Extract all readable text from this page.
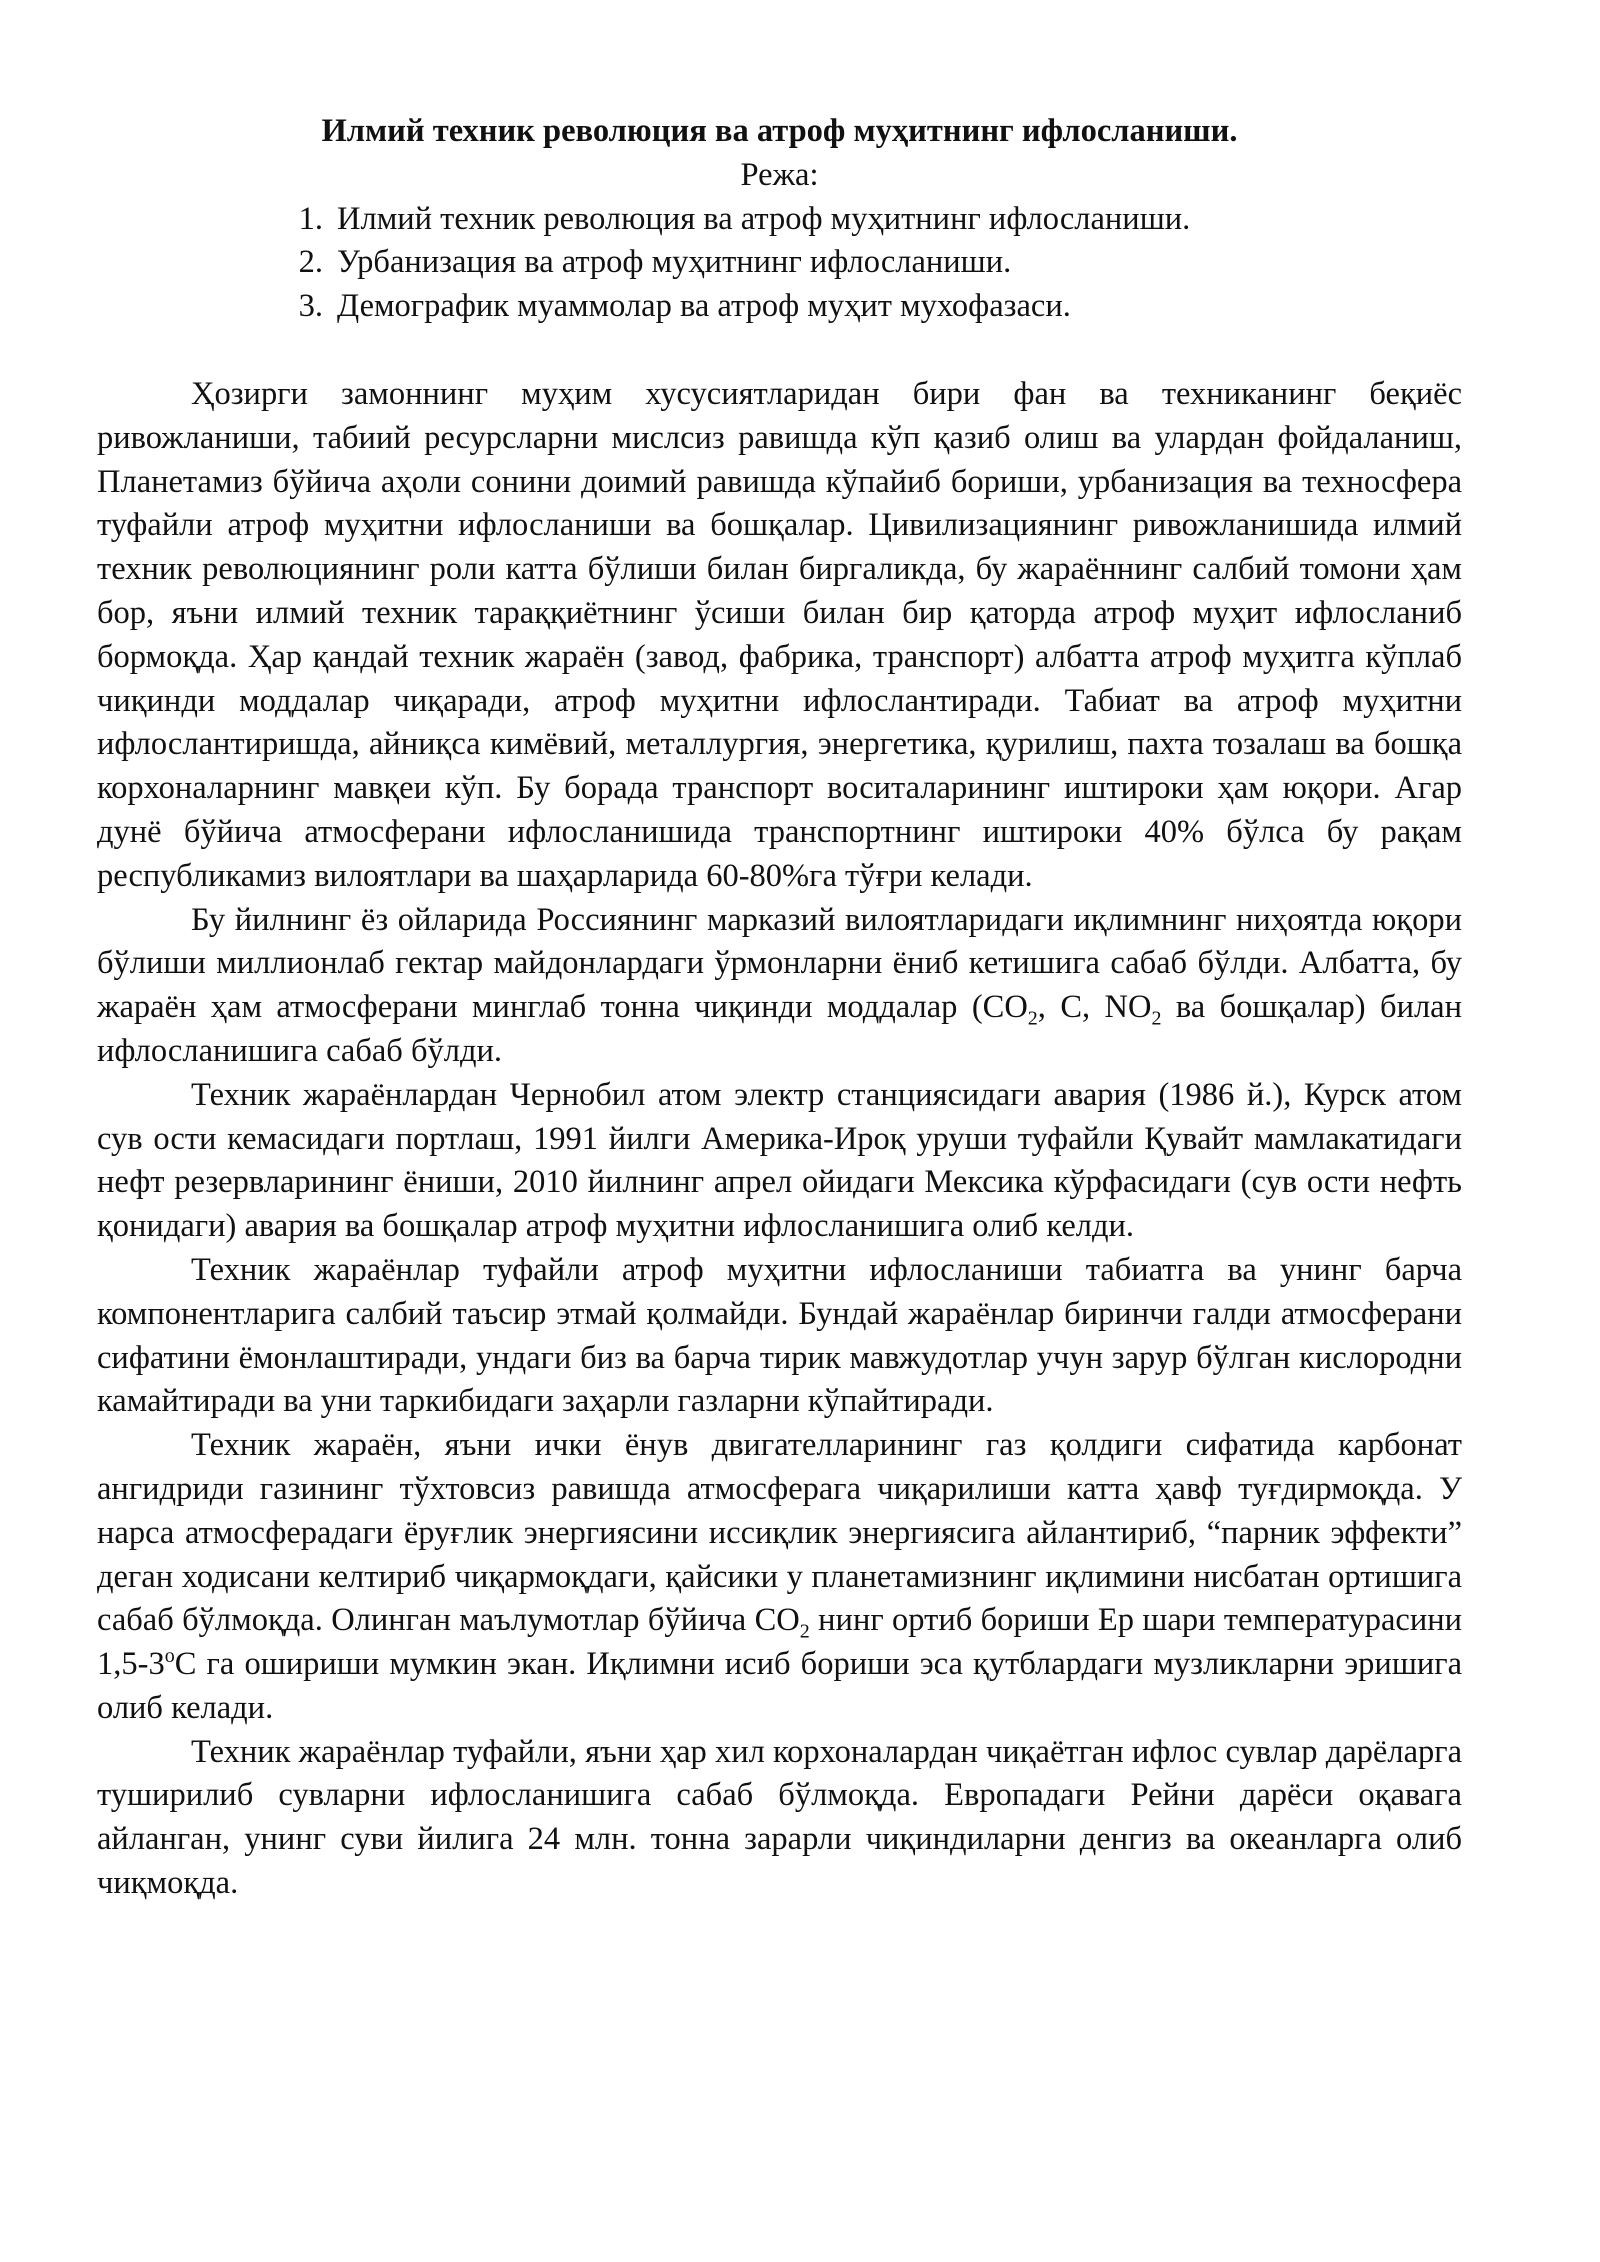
Илмий техник революция ва атроф муҳитнинг ифлосланиши.

Режа:

1. Илмий техник революция ва атроф муҳитнинг ифлосланиши.
2. Урбанизация ва атроф муҳитнинг ифлосланиши.
3. Демографик муаммолар ва атроф муҳит мухофазаси.

Ҳозирги замоннинг муҳим хусусиятларидан бири фан ва техниканинг беқиёс ривожланиши, табиий ресурсларни мислсиз равишда кўп қазиб олиш ва улардан фойдаланиш, Планетамиз бўйича аҳоли сонини доимий равишда кўпайиб бориши, урбанизация ва техносфера туфайли атроф муҳитни ифлосланиши ва бошқалар. Цивилизациянинг ривожланишида илмий техник революциянинг роли катта бўлиши билан биргаликда, бу жараённинг салбий томони ҳам бор, яъни илмий техник тараққиётнинг ўсиши билан бир қаторда атроф муҳит ифлосланиб бормоқда. Ҳар қандай техник жараён (завод, фабрика, транспорт) албатта атроф муҳитга кўплаб чиқинди моддалар чиқаради, атроф муҳитни ифлослантиради. Табиат ва атроф муҳитни ифлослантиришда, айниқса кимёвий, металлургия, энергетика, қурилиш, пахта тозалаш ва бошқа корхоналарнинг мавқеи кўп. Бу борада транспорт воситаларининг иштироки ҳам юқори. Агар дунё бўйича атмосферани ифлосланишида транспортнинг иштироки 40% бўлса бу рақам республикамиз вилоятлари ва шаҳарларида 60-80%га тўғри келади.

Бу йилнинг ёз ойларида Россиянинг марказий вилоятларидаги иқлимнинг ниҳоятда юқори бўлиши миллионлаб гектар майдонлардаги ўрмонларни ёниб кетишига сабаб бўлди. Албатта, бу жараён ҳам атмосферани минглаб тонна чиқинди моддалар ($СО_2$, С, $NО_2$ ва бошқалар) билан ифлосланишига сабаб бўлди.

Техник жараёнлардан Чернобил атом электр станциясидаги авария (1986 й.), Курск атом сув ости кемасидаги портлаш, 1991 йилги Америка-Ироқ уруши туфайли Қувайт мамлакатидаги нефт резервларининг ёниши, 2010 йилнинг апрел ойидаги Мексика кўрфасидаги (сув ости нефть қонидаги) авария ва бошқалар атроф муҳитни ифлосланишига олиб келди.

Техник жараёнлар туфайли атроф муҳитни ифлосланиши табиатга ва унинг барча компонентларига салбий таъсир этмай қолмайди. Бундай жараёнлар биринчи галди атмосферани сифатини ёмонлаштиради, ундаги биз ва барча тирик мавжудотлар учун зарур бўлган кислородни камайтиради ва уни таркибидаги заҳарли газларни кўпайтиради.

Техник жараён, яъни ички ёнув двигателларининг газ қолдиги сифатида карбонат ангидриди газининг тўхтовсиз равишда атмосферага чиқарилиши катта ҳавф туғдирмоқда. У нарса атмосферадаги ёруғлик энергиясини иссиқлик энергиясига айлантириб, “парник эффекти” деган ходисани келтириб чиқармоқдаги, қайсики у планетамизнинг иқлимини нисбатан ортишига сабаб бўлмоқда. Олинган маълумотлар бўйича $СО_2$ нинг ортиб бориши Ер шари температурасини $1,5-3^оС$ га ошириши мумкин экан. Иқлимни исиб бориши эса қутблардаги музликларни эришига олиб келади.

Техник жараёнлар туфайли, яъни ҳар хил корхоналардан чиқаётган ифлос сувлар дарёларга туширилиб сувларни ифлосланишига сабаб бўлмоқда. Европадаги Рейни дарёси оқавага айланган, унинг суви йилига 24 млн. тонна зарарли чиқиндиларни денгиз ва океанларга олиб чиқмоқда.
